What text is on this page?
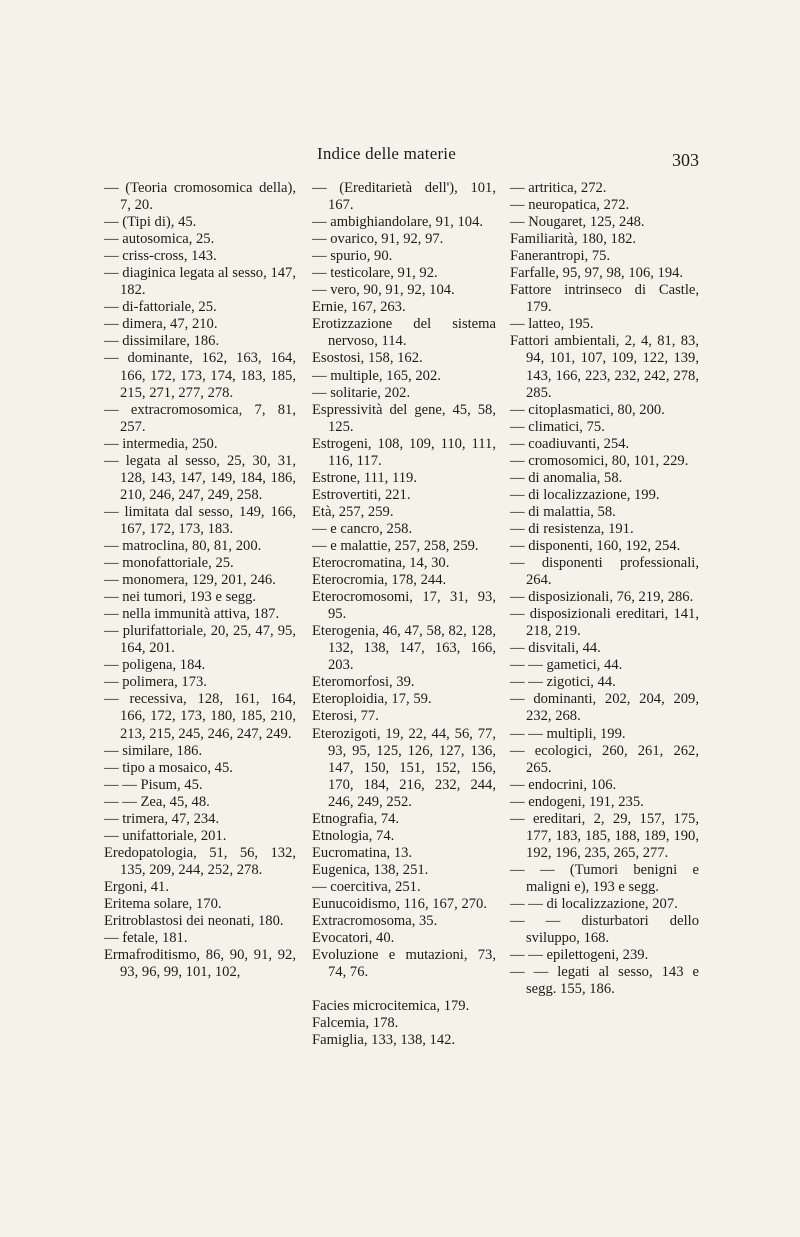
Indice delle materie	303
— (Teoria cromosomica della), 7, 20.
— (Tipi di), 45.
— autosomica, 25.
— criss-cross, 143.
— diaginica legata al sesso, 147, 182.
— di-fattoriale, 25.
— dimera, 47, 210.
— dissimilare, 186.
— dominante, 162, 163, 164, 166, 172, 173, 174, 183, 185, 215, 271, 277, 278.
— extracromosomica, 7, 81, 257.
— intermedia, 250.
— legata al sesso, 25, 30, 31, 128, 143, 147, 149, 184, 186, 210, 246, 247, 249, 258.
— limitata dal sesso, 149, 166, 167, 172, 173, 183.
— matroclina, 80, 81, 200.
— monofattoriale, 25.
— monomera, 129, 201, 246.
— nei tumori, 193 e segg.
— nella immunità attiva, 187.
— plurifattoriale, 20, 25, 47, 95, 164, 201.
— poligena, 184.
— polimera, 173.
— recessiva, 128, 161, 164, 166, 172, 173, 180, 185, 210, 213, 215, 245, 246, 247, 249.
— similare, 186.
— tipo a mosaico, 45.
— — Pisum, 45.
— — Zea, 45, 48.
— trimera, 47, 234.
— unifattoriale, 201.
Eredopatologia, 51, 56, 132, 135, 209, 244, 252, 278.
Ergoni, 41.
Eritema solare, 170.
Eritroblastosi dei neonati, 180.
— fetale, 181.
Ermafroditismo, 86, 90, 91, 92, 93, 96, 99, 101, 102,
— (Ereditarietà dell'), 101, 167.
— ambighiandolare, 91, 104.
— ovarico, 91, 92, 97.
— spurio, 90.
— testicolare, 91, 92.
— vero, 90, 91, 92, 104.
Ernie, 167, 263.
Erotizzazione del sistema nervoso, 114.
Esostosi, 158, 162.
— multiple, 165, 202.
— solitarie, 202.
Espressività del gene, 45, 58, 125.
Estrogeni, 108, 109, 110, 111, 116, 117.
Estrone, 111, 119.
Estrovertiti, 221.
Età, 257, 259.
— e cancro, 258.
— e malattie, 257, 258, 259.
Eterocromatina, 14, 30.
Eterocromia, 178, 244.
Eterocromosomi, 17, 31, 93, 95.
Eterogenia, 46, 47, 58, 82, 128, 132, 138, 147, 163, 166, 203.
Eteromorfosi, 39.
Eteroploidia, 17, 59.
Eterosi, 77.
Eterozigoti, 19, 22, 44, 56, 77, 93, 95, 125, 126, 127, 136, 147, 150, 151, 152, 156, 170, 184, 216, 232, 244, 246, 249, 252.
Etnografia, 74.
Etnologia, 74.
Eucromatina, 13.
Eugenica, 138, 251.
— coercitiva, 251.
Eunucoidismo, 116, 167, 270.
Extracromosoma, 35.
Evocatori, 40.
Evoluzione e mutazioni, 73, 74, 76.
Facies microcitemica, 179.
Falcemia, 178.
Famiglia, 133, 138, 142.
— artritica, 272.
— neuropatica, 272.
— Nougaret, 125, 248.
Familiarità, 180, 182.
Fanerantropi, 75.
Farfalle, 95, 97, 98, 106, 194.
Fattore intrinseco di Castle, 179.
— latteo, 195.
Fattori ambientali, 2, 4, 81, 83, 94, 101, 107, 109, 122, 139, 143, 166, 223, 232, 242, 278, 285.
— citoplasmatici, 80, 200.
— climatici, 75.
— coadiuvanti, 254.
— cromosomici, 80, 101, 229.
— di anomalia, 58.
— di localizzazione, 199.
— di malattia, 58.
— di resistenza, 191.
— disponenti, 160, 192, 254.
— disponenti professionali, 264.
— disposizionali, 76, 219, 286.
— disposizionali ereditari, 141, 218, 219.
— disvitali, 44.
— — gametici, 44.
— — zigotici, 44.
— dominanti, 202, 204, 209, 232, 268.
— — multipli, 199.
— ecologici, 260, 261, 262, 265.
— endocrini, 106.
— endogeni, 191, 235.
— ereditari, 2, 29, 157, 175, 177, 183, 185, 188, 189, 190, 192, 196, 235, 265, 277.
— — (Tumori benigni e maligni e), 193 e segg.
— — di localizzazione, 207.
— — disturbatori dello sviluppo, 168.
— — epilettogeni, 239.
— — legati al sesso, 143 e segg. 155, 186.
